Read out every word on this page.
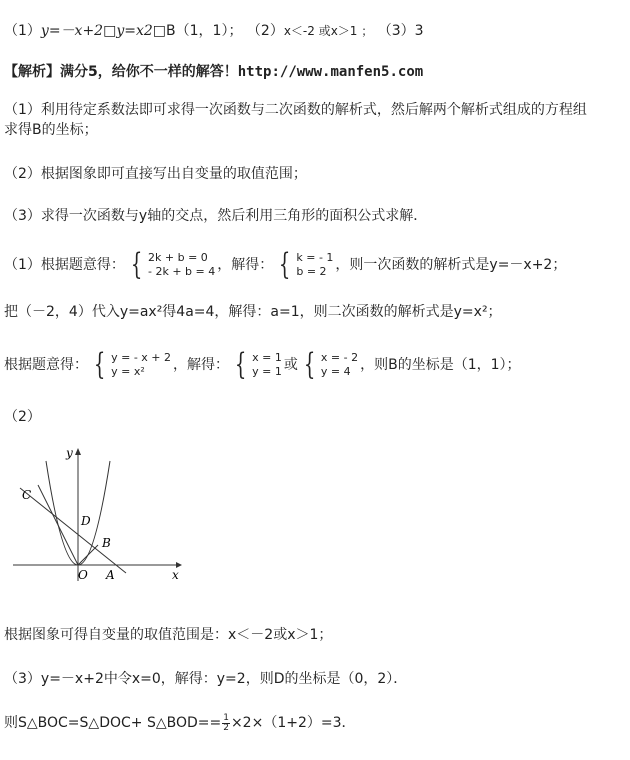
（1）y=－x+2□y=x2□B（1，1）； （2）x＜-2 或x＞1 ； （3）3
【解析】满分5，给你不一样的解答！http://www.manfen5.com
（1）利用待定系数法即可求得一次函数与二次函数的解析式，然后解两个解析式组成的方程组
求得B的坐标；
（2）根据图象即可直接写出自变量的取值范围；
（3）求得一次函数与y轴的交点，然后利用三角形的面积公式求解．
（1）根据题意得： { 2k + b = 0
- 2k + b = 4 ，解得： { k = - 1
b = 2 ，则一次函数的解析式是y=－x+2；
把（－2，4）代入y=ax²得4a=4，解得：a=1，则二次函数的解析式是y=x²；
根据题意得： { y = - x + 2
y = x²	，解得： { x = 1
y = 1 或 { x = - 2
y = 4 ，则B的坐标是（1，1）；
（2）
y
x
C
D
B
O A
根据图象可得自变量的取值范围是：x＜－2或x＞1；
（3）y=－x+2中令x=0，解得：y=2，则D的坐标是（0，2）．
则S△BOC=S△DOC+ S△BOD== $\frac{1}{2} \times 2\times(1+2)=3$．
